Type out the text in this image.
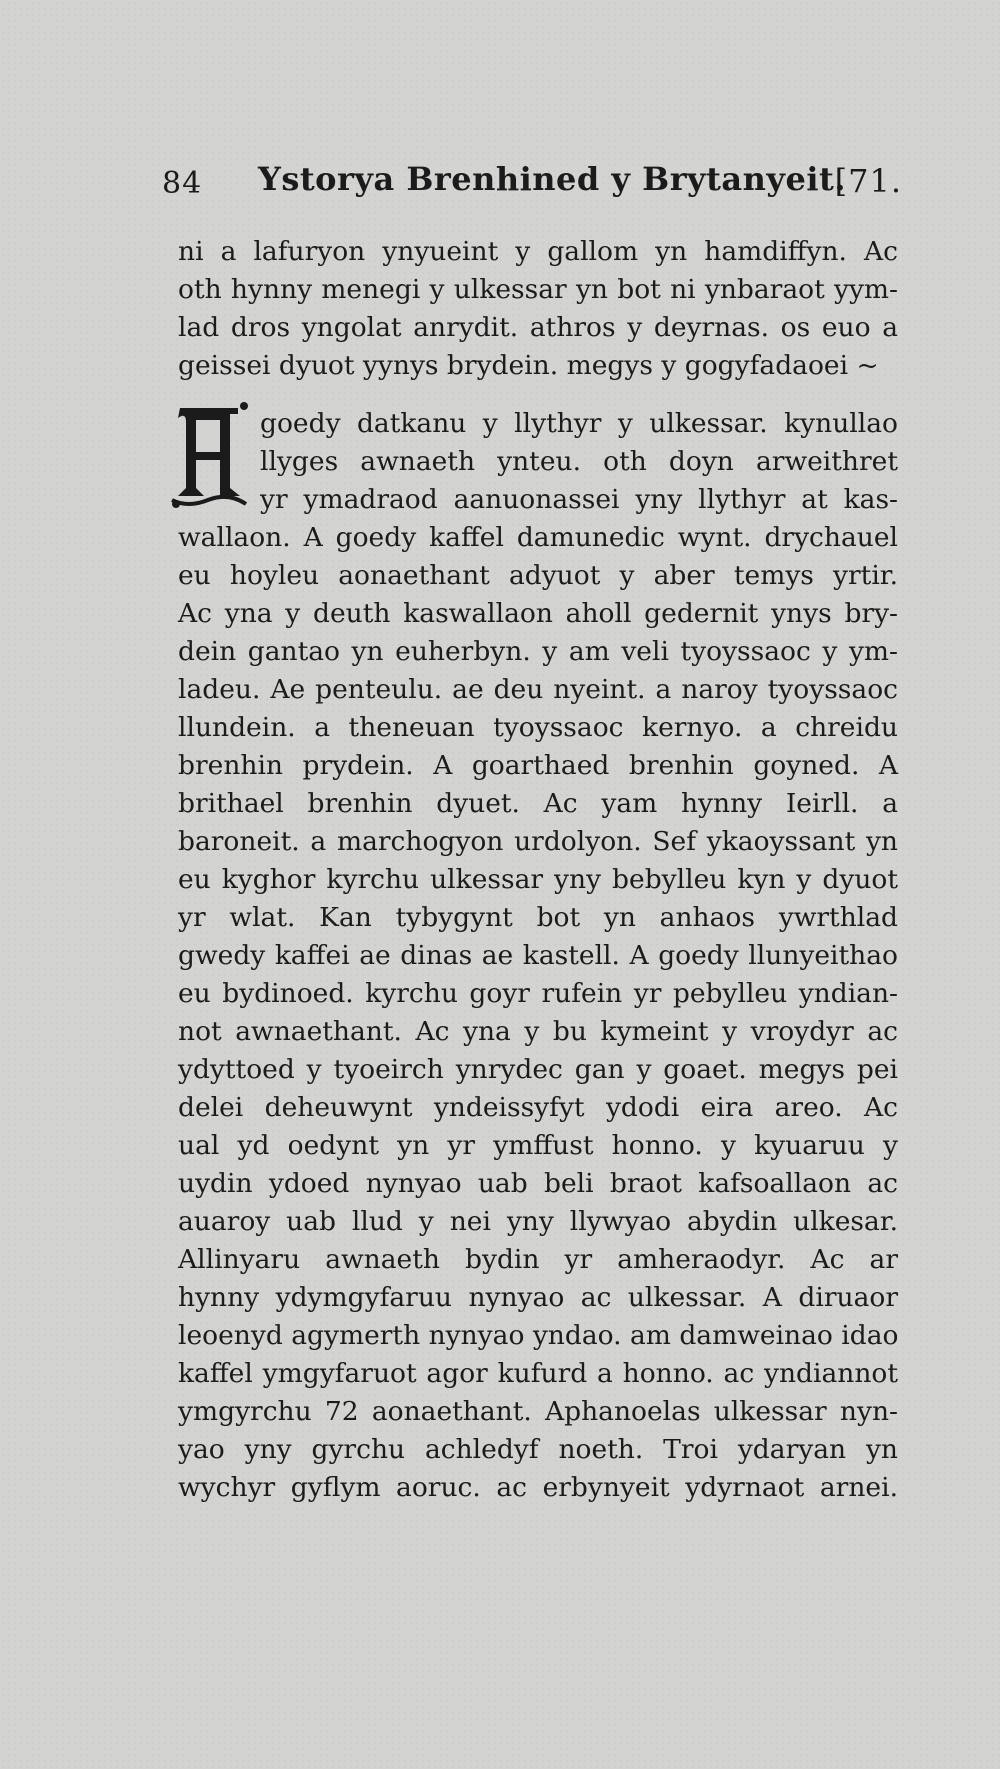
84 Ystorya Brenhined y Brytanyeit.
[71.
A
ni a lafuryon ynyueint y gallom yn hamdiffyn. Ac
oth hynny menegi y ulkessar yn bot ni ynbaraot yym-
lad dros yngolat anrydit. athros y deyrnas. os euo a
geissei dyuot yynys brydein. megys y gogyfadaoei ~
goedy datkanu y llythyr y ulkessar. kynullao
llyges awnaeth ynteu. oth doyn arweithret
yr ymadraod aanuonassei yny llythyr at kas-
wallaon. A goedy kaffel damunedic wynt. drychauel
eu hoyleu aonaethant adyuot y aber temys yrtir.
Ac yna y deuth kaswallaon aholl gedernit ynys bry-
dein gantao yn euherbyn. y am veli tyoyssaoc y ym-
ladeu. Ae penteulu. ae deu nyeint. a naroy tyoyssaoc
llundein. a theneuan tyoyssaoc kernyo. a chreidu
brenhin prydein. A goarthaed brenhin goyned. A
brithael brenhin dyuet. Ac yam hynny Ieirll. a
baroneit. a marchogyon urdolyon. Sef ykaoyssant yn
eu kyghor kyrchu ulkessar yny bebylleu kyn y dyuot
yr wlat. Kan tybygynt bot yn anhaos ywrthlad
gwedy kaffei ae dinas ae kastell. A goedy llunyeithao
eu bydinoed. kyrchu goyr rufein yr pebylleu yndian-
not awnaethant. Ac yna y bu kymeint y vroydyr ac
ydyttoed y tyoeirch ynrydec gan y goaet. megys pei
delei deheuwynt yndeissyfyt ydodi eira areo. Ac
ual yd oedynt yn yr ymffust honno. y kyuaruu y
uydin ydoed nynyao uab beli braot kafsoallaon ac
auaroy uab llud y nei yny llywyao abydin ulkesar.
Allinyaru awnaeth bydin yr amheraodyr. Ac ar
hynny ydymgyfaruu nynyao ac ulkessar. A diruaor
leoenyd agymerth nynyao yndao. am damweinao idao
kaffel ymgyfaruot agor kufurd a honno. ac yndiannot
ymgyrchu 72 aonaethant. Aphanoelas ulkessar nyn-
yao yny gyrchu achledyf noeth. Troi ydaryan yn
wychyr gyflym aoruc. ac erbynyeit ydyrnaot arnei.
